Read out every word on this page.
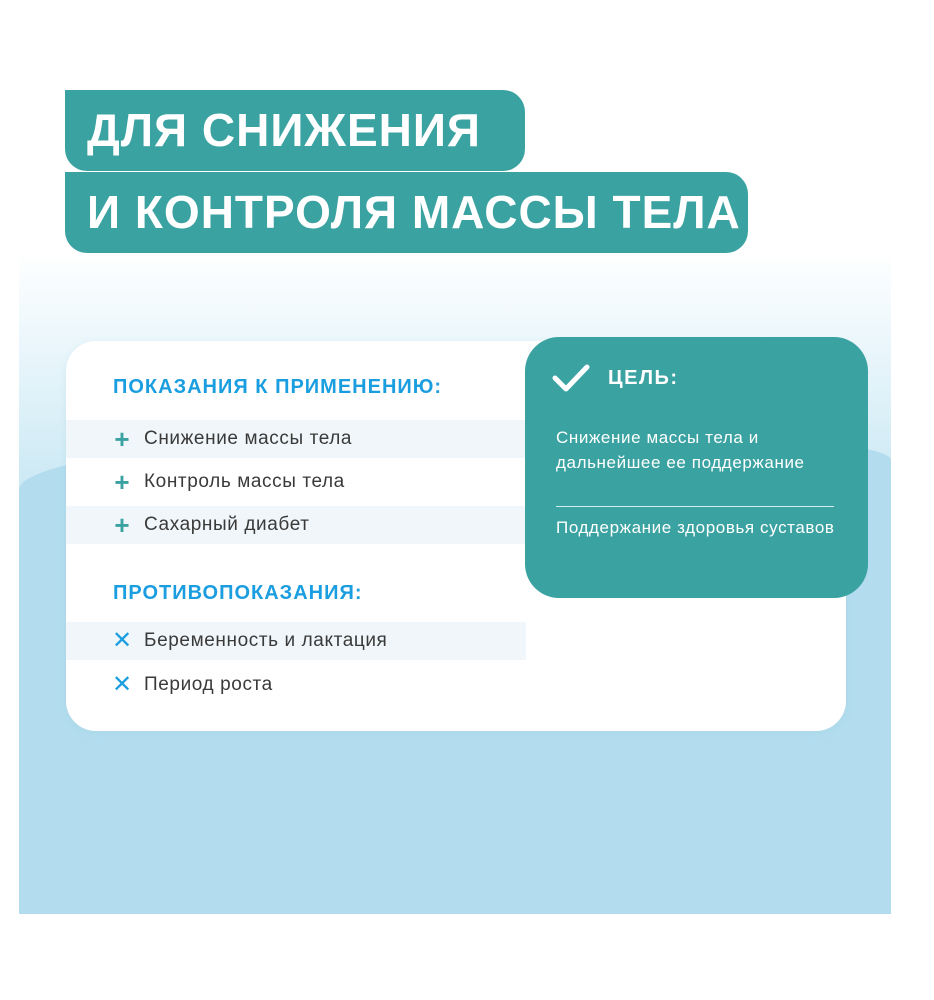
ДЛЯ СНИЖЕНИЯ
И КОНТРОЛЯ МАССЫ ТЕЛА
ПОКАЗАНИЯ К ПРИМЕНЕНИЮ:
+ Снижение массы тела
+ Контроль массы тела
+ Сахарный диабет
ПРОТИВОПОКАЗАНИЯ:
✕ Беременность и лактация
✕ Период роста
ЦЕЛЬ:
Снижение массы тела и дальнейшее ее поддержание
Поддержание здоровья суставов
